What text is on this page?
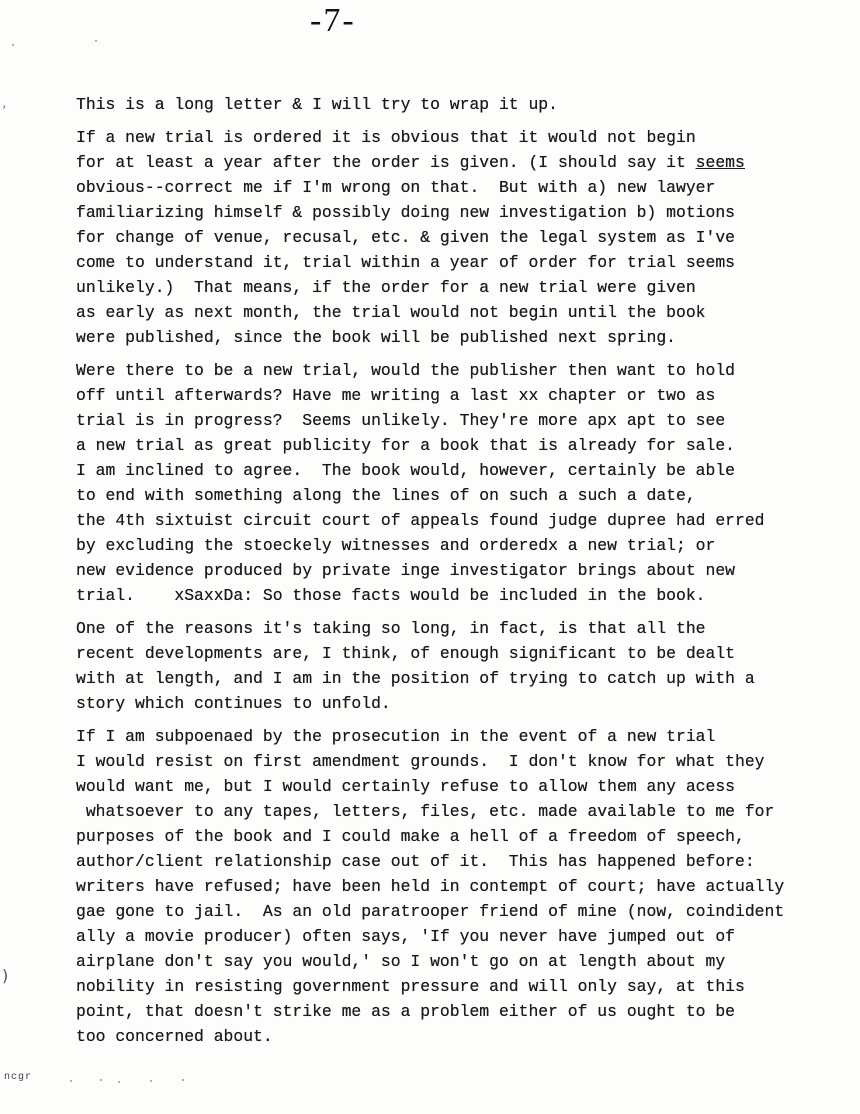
-7-
’
)
This is a long letter & I will try to wrap it up.
If a new trial is ordered it is obvious that it would not begin
for at least a year after the order is given. (I should say it seems
obvious--correct me if I'm wrong on that.  But with a) new lawyer
familiarizing himself & possibly doing new investigation b) motions
for change of venue, recusal, etc. & given the legal system as I've
come to understand it, trial within a year of order for trial seems
unlikely.)  That means, if the order for a new trial were given
as early as next month, the trial would not begin until the book
were published, since the book will be published next spring.
Were there to be a new trial, would the publisher then want to hold
off until afterwards? Have me writing a last xx chapter or two as
trial is in progress?  Seems unlikely. They're more apx apt to see
a new trial as great publicity for a book that is already for sale.
I am inclined to agree.  The book would, however, certainly be able
to end with something along the lines of on such a such a date,
the 4th sixtuist circuit court of appeals found judge dupree had erred
by excluding the stoeckely witnesses and orderedx a new trial; or
new evidence produced by private inge investigator brings about new
trial.    xSaxxDa: So those facts would be included in the book.
One of the reasons it's taking so long, in fact, is that all the
recent developments are, I think, of enough significant to be dealt
with at length, and I am in the position of trying to catch up with a
story which continues to unfold.
If I am subpoenaed by the prosecution in the event of a new trial
I would resist on first amendment grounds.  I don't know for what they
would want me, but I would certainly refuse to allow them any acess
whatsoever to any tapes, letters, files, etc. made available to me for
purposes of the book and I could make a hell of a freedom of speech,
author/client relationship case out of it.  This has happened before:
writers have refused; have been held in contempt of court; have actually
gae gone to jail.  As an old paratrooper friend of mine (now, coindident
ally a movie producer) often says, 'If you never have jumped out of
airplane don't say you would,' so I won't go on at length about my
nobility in resisting government pressure and will only say, at this
point, that doesn't strike me as a problem either of us ought to be
too concerned about.
ncgr
